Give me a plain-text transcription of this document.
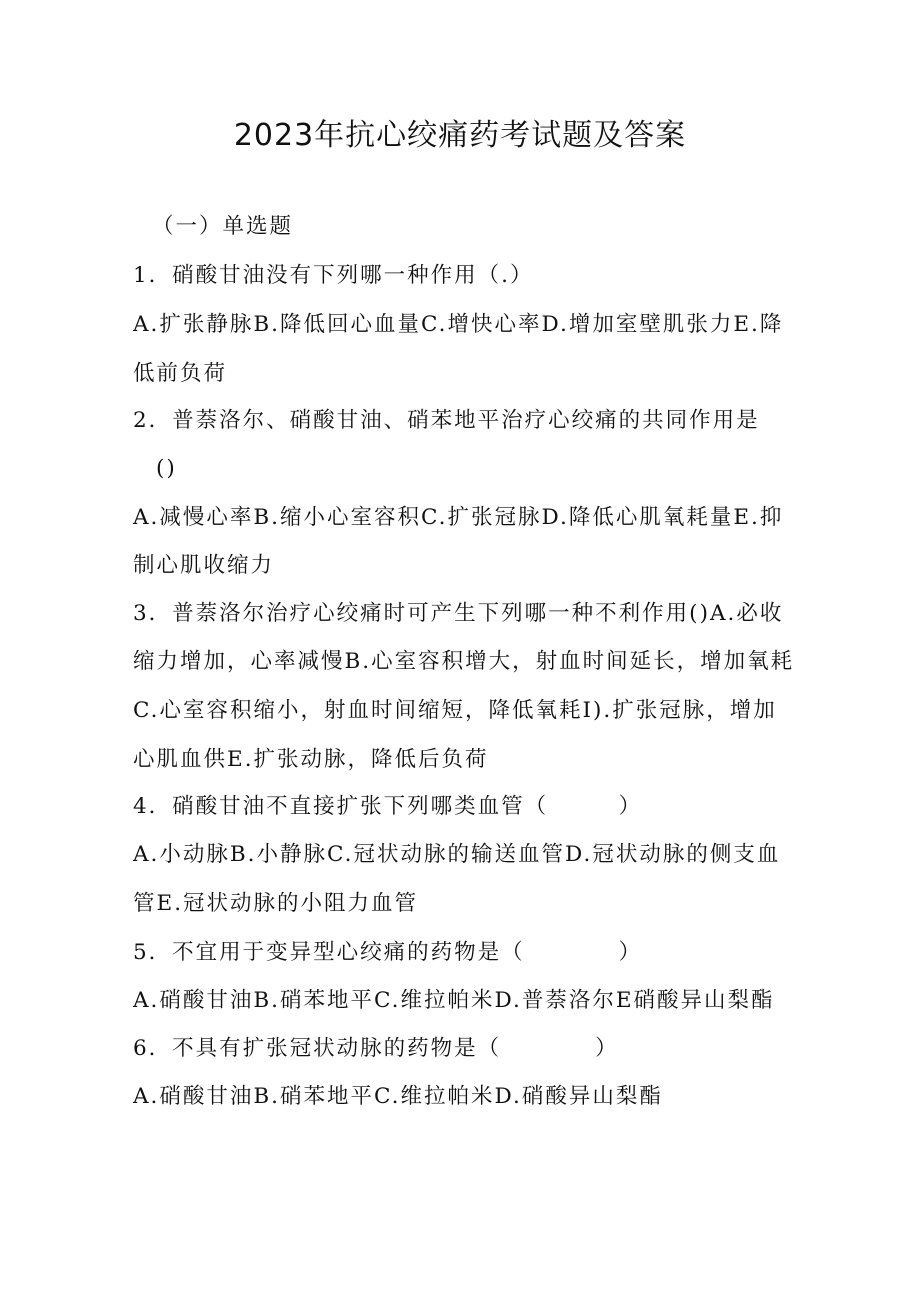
2023年抗心绞痛药考试题及答案
（一）单选题
1．硝酸甘油没有下列哪一种作用（.）
A.扩张静脉B.降低回心血量C.增快心率D.增加室壁肌张力E.降
低前负荷
2．普萘洛尔、硝酸甘油、硝苯地平治疗心绞痛的共同作用是
()
A.减慢心率B.缩小心室容积C.扩张冠脉D.降低心肌氧耗量E.抑
制心肌收缩力
3．普萘洛尔治疗心绞痛时可产生下列哪一种不利作用()A.必收
缩力增加，心率减慢B.心室容积增大，射血时间延长，增加氧耗
C.心室容积缩小，射血时间缩短，降低氧耗I).扩张冠脉，增加
心肌血供E.扩张动脉，降低后负荷
4．硝酸甘油不直接扩张下列哪类血管（　　　）
A.小动脉B.小静脉C.冠状动脉的输送血管D.冠状动脉的侧支血
管E.冠状动脉的小阻力血管
5．不宜用于变异型心绞痛的药物是（　　　　）
A.硝酸甘油B.硝苯地平C.维拉帕米D.普萘洛尔E硝酸异山梨酯
6．不具有扩张冠状动脉的药物是（　　　　）
A.硝酸甘油B.硝苯地平C.维拉帕米D.硝酸异山梨酯
